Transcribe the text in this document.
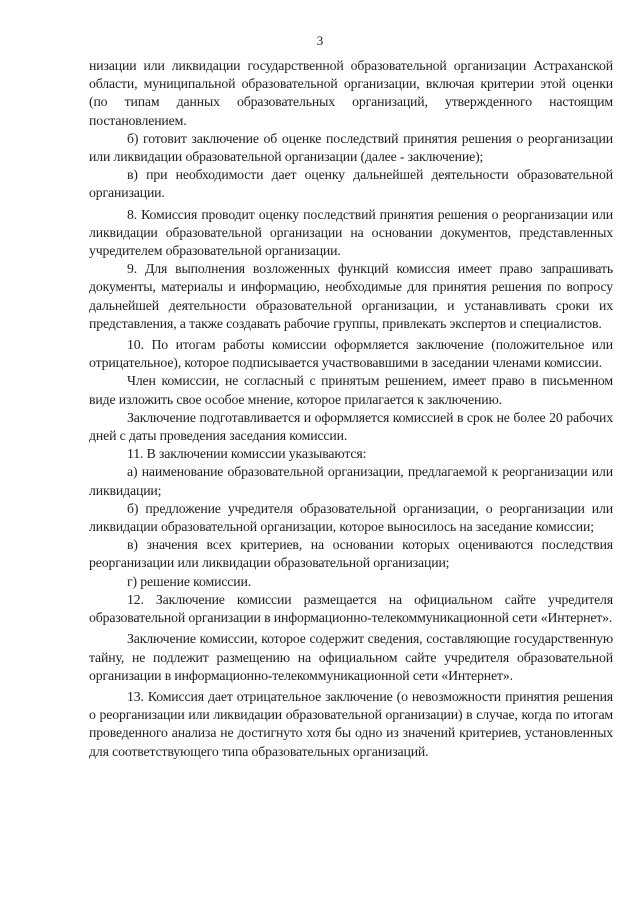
3

низации или ликвидации государственной образовательной организации Астраханской области, муниципальной образовательной организации, включая критерии этой оценки (по типам данных образовательных организаций, утвержденного настоящим постановлением.

б) готовит заключение об оценке последствий принятия решения о реорганизации или ликвидации образовательной организации (далее - заключение);

в) при необходимости дает оценку дальнейшей деятельности образовательной организации.

8. Комиссия проводит оценку последствий принятия решения о реорганизации или ликвидации образовательной организации на основании документов, представленных учредителем образовательной организации.

9. Для выполнения возложенных функций комиссия имеет право запрашивать документы, материалы и информацию, необходимые для принятия решения по вопросу дальнейшей деятельности образовательной организации, и устанавливать сроки их представления, а также создавать рабочие группы, привлекать экспертов и специалистов.

10. По итогам работы комиссии оформляется заключение (положительное или отрицательное), которое подписывается участвовавшими в заседании членами комиссии.

Член комиссии, не согласный с принятым решением, имеет право в письменном виде изложить свое особое мнение, которое прилагается к заключению.

Заключение подготавливается и оформляется комиссией в срок не более 20 рабочих дней с даты проведения заседания комиссии.

11. В заключении комиссии указываются:

а) наименование образовательной организации, предлагаемой к реорганизации или ликвидации;

б) предложение учредителя образовательной организации, о реорганизации или ликвидации образовательной организации, которое выносилось на заседание комиссии;

в) значения всех критериев, на основании которых оцениваются последствия реорганизации или ликвидации образовательной организации;

г) решение комиссии.

12. Заключение комиссии размещается на официальном сайте учредителя образовательной организации в информационно-телекоммуникационной сети «Интернет».

Заключение комиссии, которое содержит сведения, составляющие государственную тайну, не подлежит размещению на официальном сайте учредителя образовательной организации в информационно-телекоммуникационной сети «Интернет».

13. Комиссия дает отрицательное заключение (о невозможности принятия решения о реорганизации или ликвидации образовательной организации) в случае, когда по итогам проведенного анализа не достигнуто хотя бы одно из значений критериев, установленных для соответствующего типа образовательных организаций.
